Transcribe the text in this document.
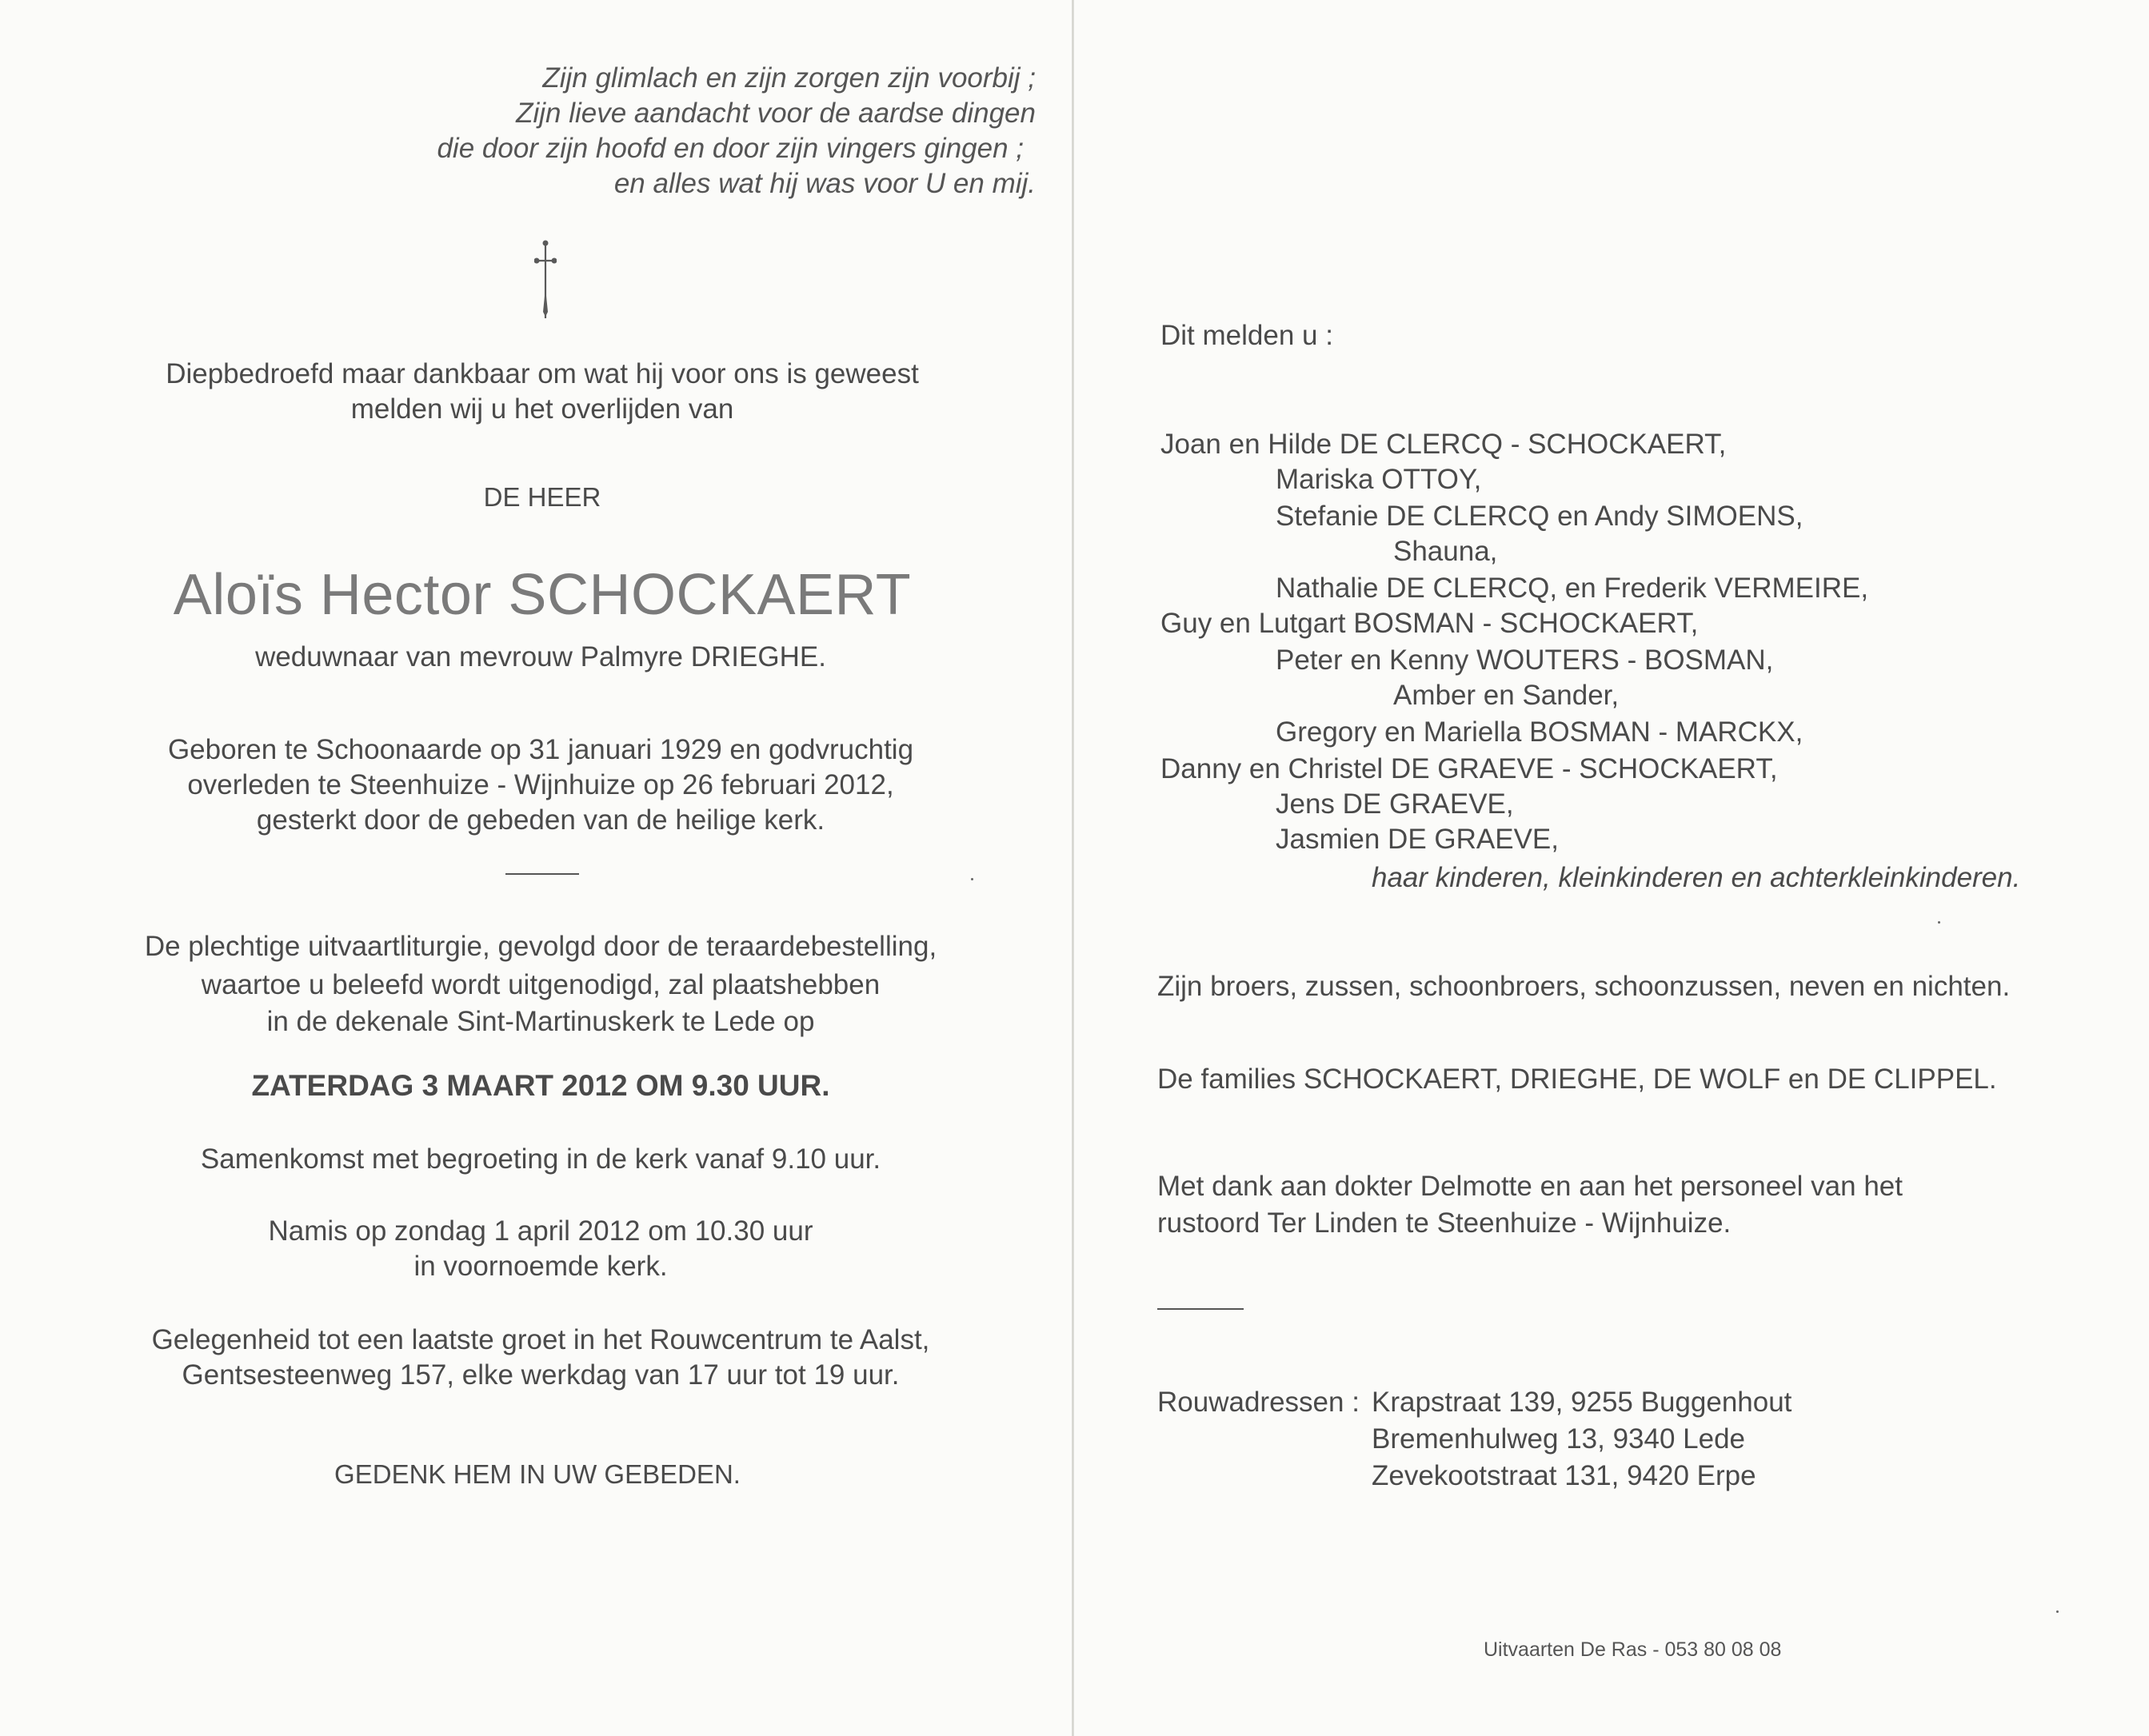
Zijn glimlach en zijn zorgen zijn voorbij ;
Zijn lieve aandacht voor de aardse dingen
die door zijn hoofd en door zijn vingers gingen ;
en alles wat hij was voor U en mij.
Diepbedroefd maar dankbaar om wat hij voor ons is geweest
melden wij u het overlijden van
DE HEER
Aloïs Hector SCHOCKAERT
weduwnaar van mevrouw Palmyre DRIEGHE.
Geboren te Schoonaarde op 31 januari 1929 en godvruchtig
overleden te Steenhuize - Wijnhuize op 26 februari 2012,
gesterkt door de gebeden van de heilige kerk.
De plechtige uitvaartliturgie, gevolgd door de teraardebestelling,
waartoe u beleefd wordt uitgenodigd, zal plaatshebben
in de dekenale Sint-Martinuskerk te Lede op
ZATERDAG 3 MAART 2012 OM 9.30 UUR.
Samenkomst met begroeting in de kerk vanaf 9.10 uur.
Namis op zondag 1 april 2012 om 10.30 uur
in voornoemde kerk.
Gelegenheid tot een laatste groet in het Rouwcentrum te Aalst,
Gentsesteenweg 157, elke werkdag van 17 uur tot 19 uur.
GEDENK HEM IN UW GEBEDEN.
Dit melden u :
Joan en Hilde DE CLERCQ - SCHOCKAERT,
Mariska OTTOY,
Stefanie DE CLERCQ en Andy SIMOENS,
Shauna,
Nathalie DE CLERCQ, en Frederik VERMEIRE,
Guy en Lutgart BOSMAN - SCHOCKAERT,
Peter en Kenny WOUTERS - BOSMAN,
Amber en Sander,
Gregory en Mariella BOSMAN - MARCKX,
Danny en Christel DE GRAEVE - SCHOCKAERT,
Jens DE GRAEVE,
Jasmien DE GRAEVE,
haar kinderen, kleinkinderen en achterkleinkinderen.
Zijn broers, zussen, schoonbroers, schoonzussen, neven en nichten.
De families SCHOCKAERT, DRIEGHE, DE WOLF en DE CLIPPEL.
Met dank aan dokter Delmotte en aan het personeel van het
rustoord Ter Linden te Steenhuize - Wijnhuize.
Rouwadressen : Krapstraat 139, 9255 Buggenhout
Bremenhulweg 13, 9340 Lede
Zevekootstraat 131, 9420 Erpe
Uitvaarten De Ras - 053 80 08 08
